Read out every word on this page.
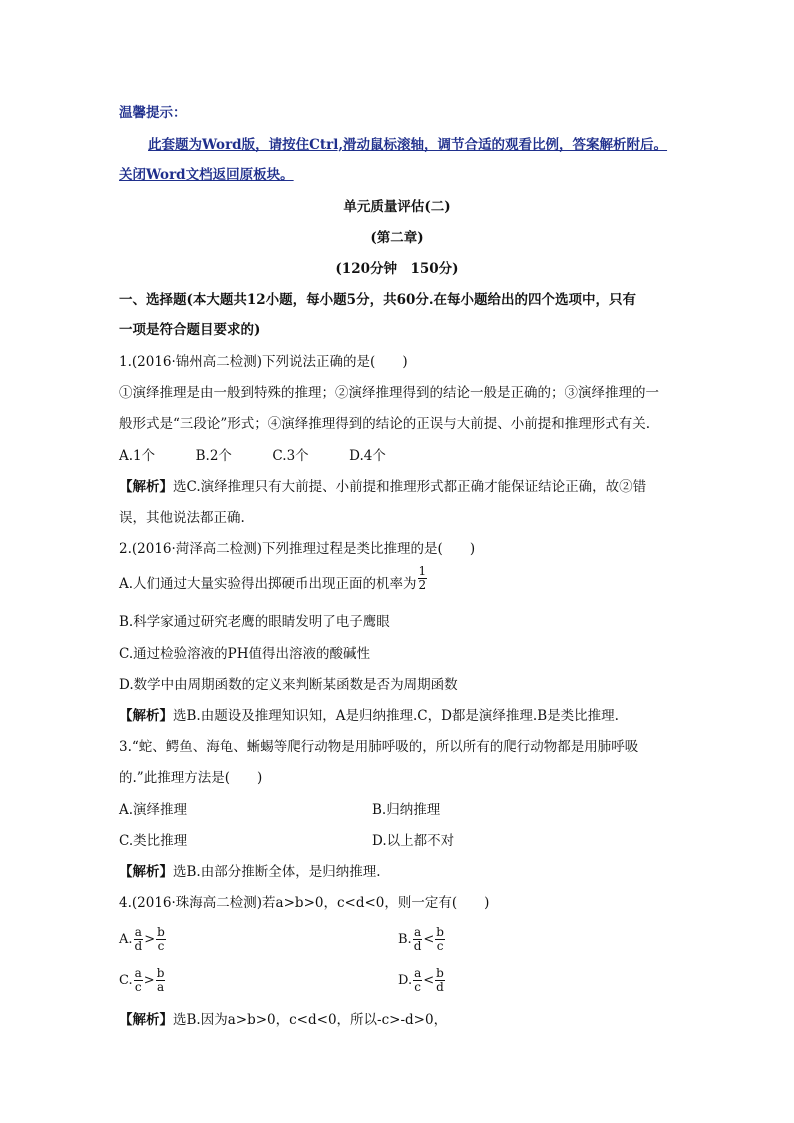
温馨提示：
此套题为Word版，请按住Ctrl,滑动鼠标滚轴，调节合适的观看比例，答案解析附后。
关闭Word文档返回原板块。
单元质量评估(二)
(第二章)
(120分钟　150分)
一、选择题(本大题共12小题，每小题5分，共60分.在每小题给出的四个选项中，只有
一项是符合题目要求的)
1.(2016·锦州高二检测)下列说法正确的是(　　)
①演绎推理是由一般到特殊的推理；②演绎推理得到的结论一般是正确的；③演绎推理的一
般形式是“三段论”形式；④演绎推理得到的结论的正误与大前提、小前提和推理形式有关.
A.1个　　　B.2个　　　C.3个　　　D.4个
【解析】选C.演绎推理只有大前提、小前提和推理形式都正确才能保证结论正确，故②错
误，其他说法都正确.
2.(2016·菏泽高二检测)下列推理过程是类比推理的是(　　)
A.人们通过大量实验得出掷硬币出现正面的机率为 $\frac{1}{2}$
B.科学家通过研究老鹰的眼睛发明了电子鹰眼
C.通过检验溶液的PH值得出溶液的酸碱性
D.数学中由周期函数的定义来判断某函数是否为周期函数
【解析】选B.由题设及推理知识知，A是归纳推理.C，D都是演绎推理.B是类比推理.
3.“蛇、鳄鱼、海龟、蜥蜴等爬行动物是用肺呼吸的，所以所有的爬行动物都是用肺呼吸
的.”此推理方法是(　　)
A.演绎推理	B.归纳推理
C.类比推理	D.以上都不对
【解析】选B.由部分推断全体，是归纳推理.
4.(2016·珠海高二检测)若a>b>0，c<d<0，则一定有(　　)
A. $\frac{a}{d} > \frac{b}{c}$	B. $\frac{a}{d} < \frac{b}{c}$
C. $\frac{a}{c} > \frac{b}{a}$	D. $\frac{a}{c} < \frac{b}{d}$
【解析】选B.因为a>b>0，c<d<0，所以-c>-d>0，
